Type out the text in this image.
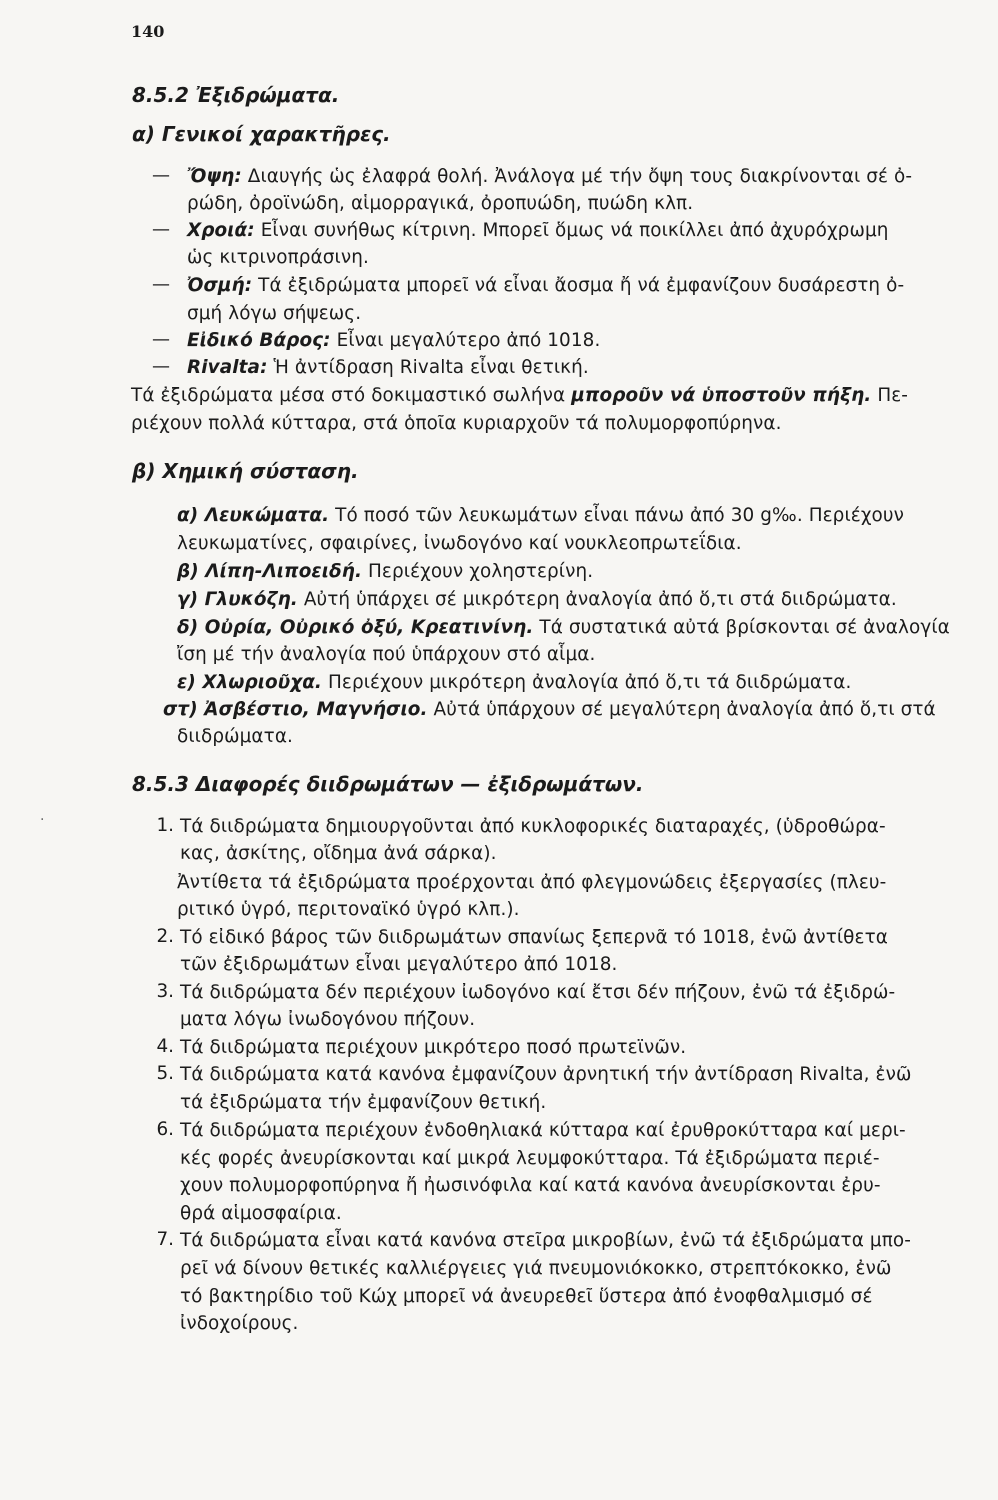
140
8.5.2 Ἐξιδρώματα.
α) Γενικοί χαρακτῆρες.
— Ὄψη: Διαυγής ὡς ἐλαφρά θολή. Ἀνάλογα μέ τήν ὄψη τους διακρίνονται σέ ὀ-
ρώδη, ὀροϊνώδη, αἱμορραγικά, ὀροπυώδη, πυώδη κλπ.
— Χροιά: Εἶναι συνήθως κίτρινη. Μπορεῖ ὅμως νά ποικίλλει ἀπό ἀχυρόχρωμη
ὡς κιτρινοπράσινη.
— Ὀσμή: Τά ἐξιδρώματα μπορεῖ νά εἶναι ἄοσμα ἤ νά ἐμφανίζουν δυσάρεστη ὀ-
σμή λόγω σήψεως.
— Εἰδικό Βάρος: Εἶναι μεγαλύτερο ἀπό 1018.
— Rivalta: Ἡ ἀντίδραση Rivalta εἶναι θετική.
Τά ἐξιδρώματα μέσα στό δοκιμαστικό σωλήνα μποροῦν νά ὑποστοῦν πήξη. Πε-
ριέχουν πολλά κύτταρα, στά ὁποῖα κυριαρχοῦν τά πολυμορφοπύρηνα.
β) Χημική σύσταση.
α) Λευκώματα. Τό ποσό τῶν λευκωμάτων εἶναι πάνω ἀπό 30 g‰. Περιέχουν
λευκωματίνες, σφαιρίνες, ἰνωδογόνο καί νουκλεοπρωτεΐδια.
β) Λίπη-Λιποειδή. Περιέχουν χοληστερίνη.
γ) Γλυκόζη. Αὐτή ὑπάρχει σέ μικρότερη ἀναλογία ἀπό ὅ,τι στά διιδρώματα.
δ) Οὐρία, Οὐρικό ὀξύ, Κρεατινίνη. Τά συστατικά αὐτά βρίσκονται σέ ἀναλογία
ἴση μέ τήν ἀναλογία πού ὑπάρχουν στό αἷμα.
ε) Χλωριοῦχα. Περιέχουν μικρότερη ἀναλογία ἀπό ὅ,τι τά διιδρώματα.
στ) Ἀσβέστιο, Μαγνήσιο. Αὐτά ὑπάρχουν σέ μεγαλύτερη ἀναλογία ἀπό ὅ,τι στά
διιδρώματα.
8.5.3 Διαφορές διιδρωμάτων — ἐξιδρωμάτων.
·	1. Τά διιδρώματα δημιουργοῦνται ἀπό κυκλοφορικές διαταραχές, (ὑδροθώρα-
κας, ἀσκίτης, οἴδημα ἀνά σάρκα).
Ἀντίθετα τά ἐξιδρώματα προέρχονται ἀπό φλεγμονώδεις ἐξεργασίες (πλευ-
ριτικό ὑγρό, περιτοναϊκό ὑγρό κλπ.).
2. Τό εἰδικό βάρος τῶν διιδρωμάτων σπανίως ξεπερνᾶ τό 1018, ἐνῶ ἀντίθετα
τῶν ἐξιδρωμάτων εἶναι μεγαλύτερο ἀπό 1018.
3. Τά διιδρώματα δέν περιέχουν ἰωδογόνο καί ἔτσι δέν πήζουν, ἐνῶ τά ἐξιδρώ-
ματα λόγω ἰνωδογόνου πήζουν.
4. Τά διιδρώματα περιέχουν μικρότερο ποσό πρωτεϊνῶν.
5. Τά διιδρώματα κατά κανόνα ἐμφανίζουν ἀρνητική τήν ἀντίδραση Rivalta, ἐνῶ
τά ἐξιδρώματα τήν ἐμφανίζουν θετική.
6. Τά διιδρώματα περιέχουν ἐνδοθηλιακά κύτταρα καί ἐρυθροκύτταρα καί μερι-
κές φορές ἀνευρίσκονται καί μικρά λευμφοκύτταρα. Τά ἐξιδρώματα περιέ-
χουν πολυμορφοπύρηνα ἤ ἠωσινόφιλα καί κατά κανόνα ἀνευρίσκονται ἐρυ-
θρά αἱμοσφαίρια.
7. Τά διιδρώματα εἶναι κατά κανόνα στεῖρα μικροβίων, ἐνῶ τά ἐξιδρώματα μπο-
ρεῖ νά δίνουν θετικές καλλιέργειες γιά πνευμονιόκοκκο, στρεπτόκοκκο, ἐνῶ
τό βακτηρίδιο τοῦ Κώχ μπορεῖ νά ἀνευρεθεῖ ὕστερα ἀπό ἐνοφθαλμισμό σέ
ἰνδοχοίρους.
